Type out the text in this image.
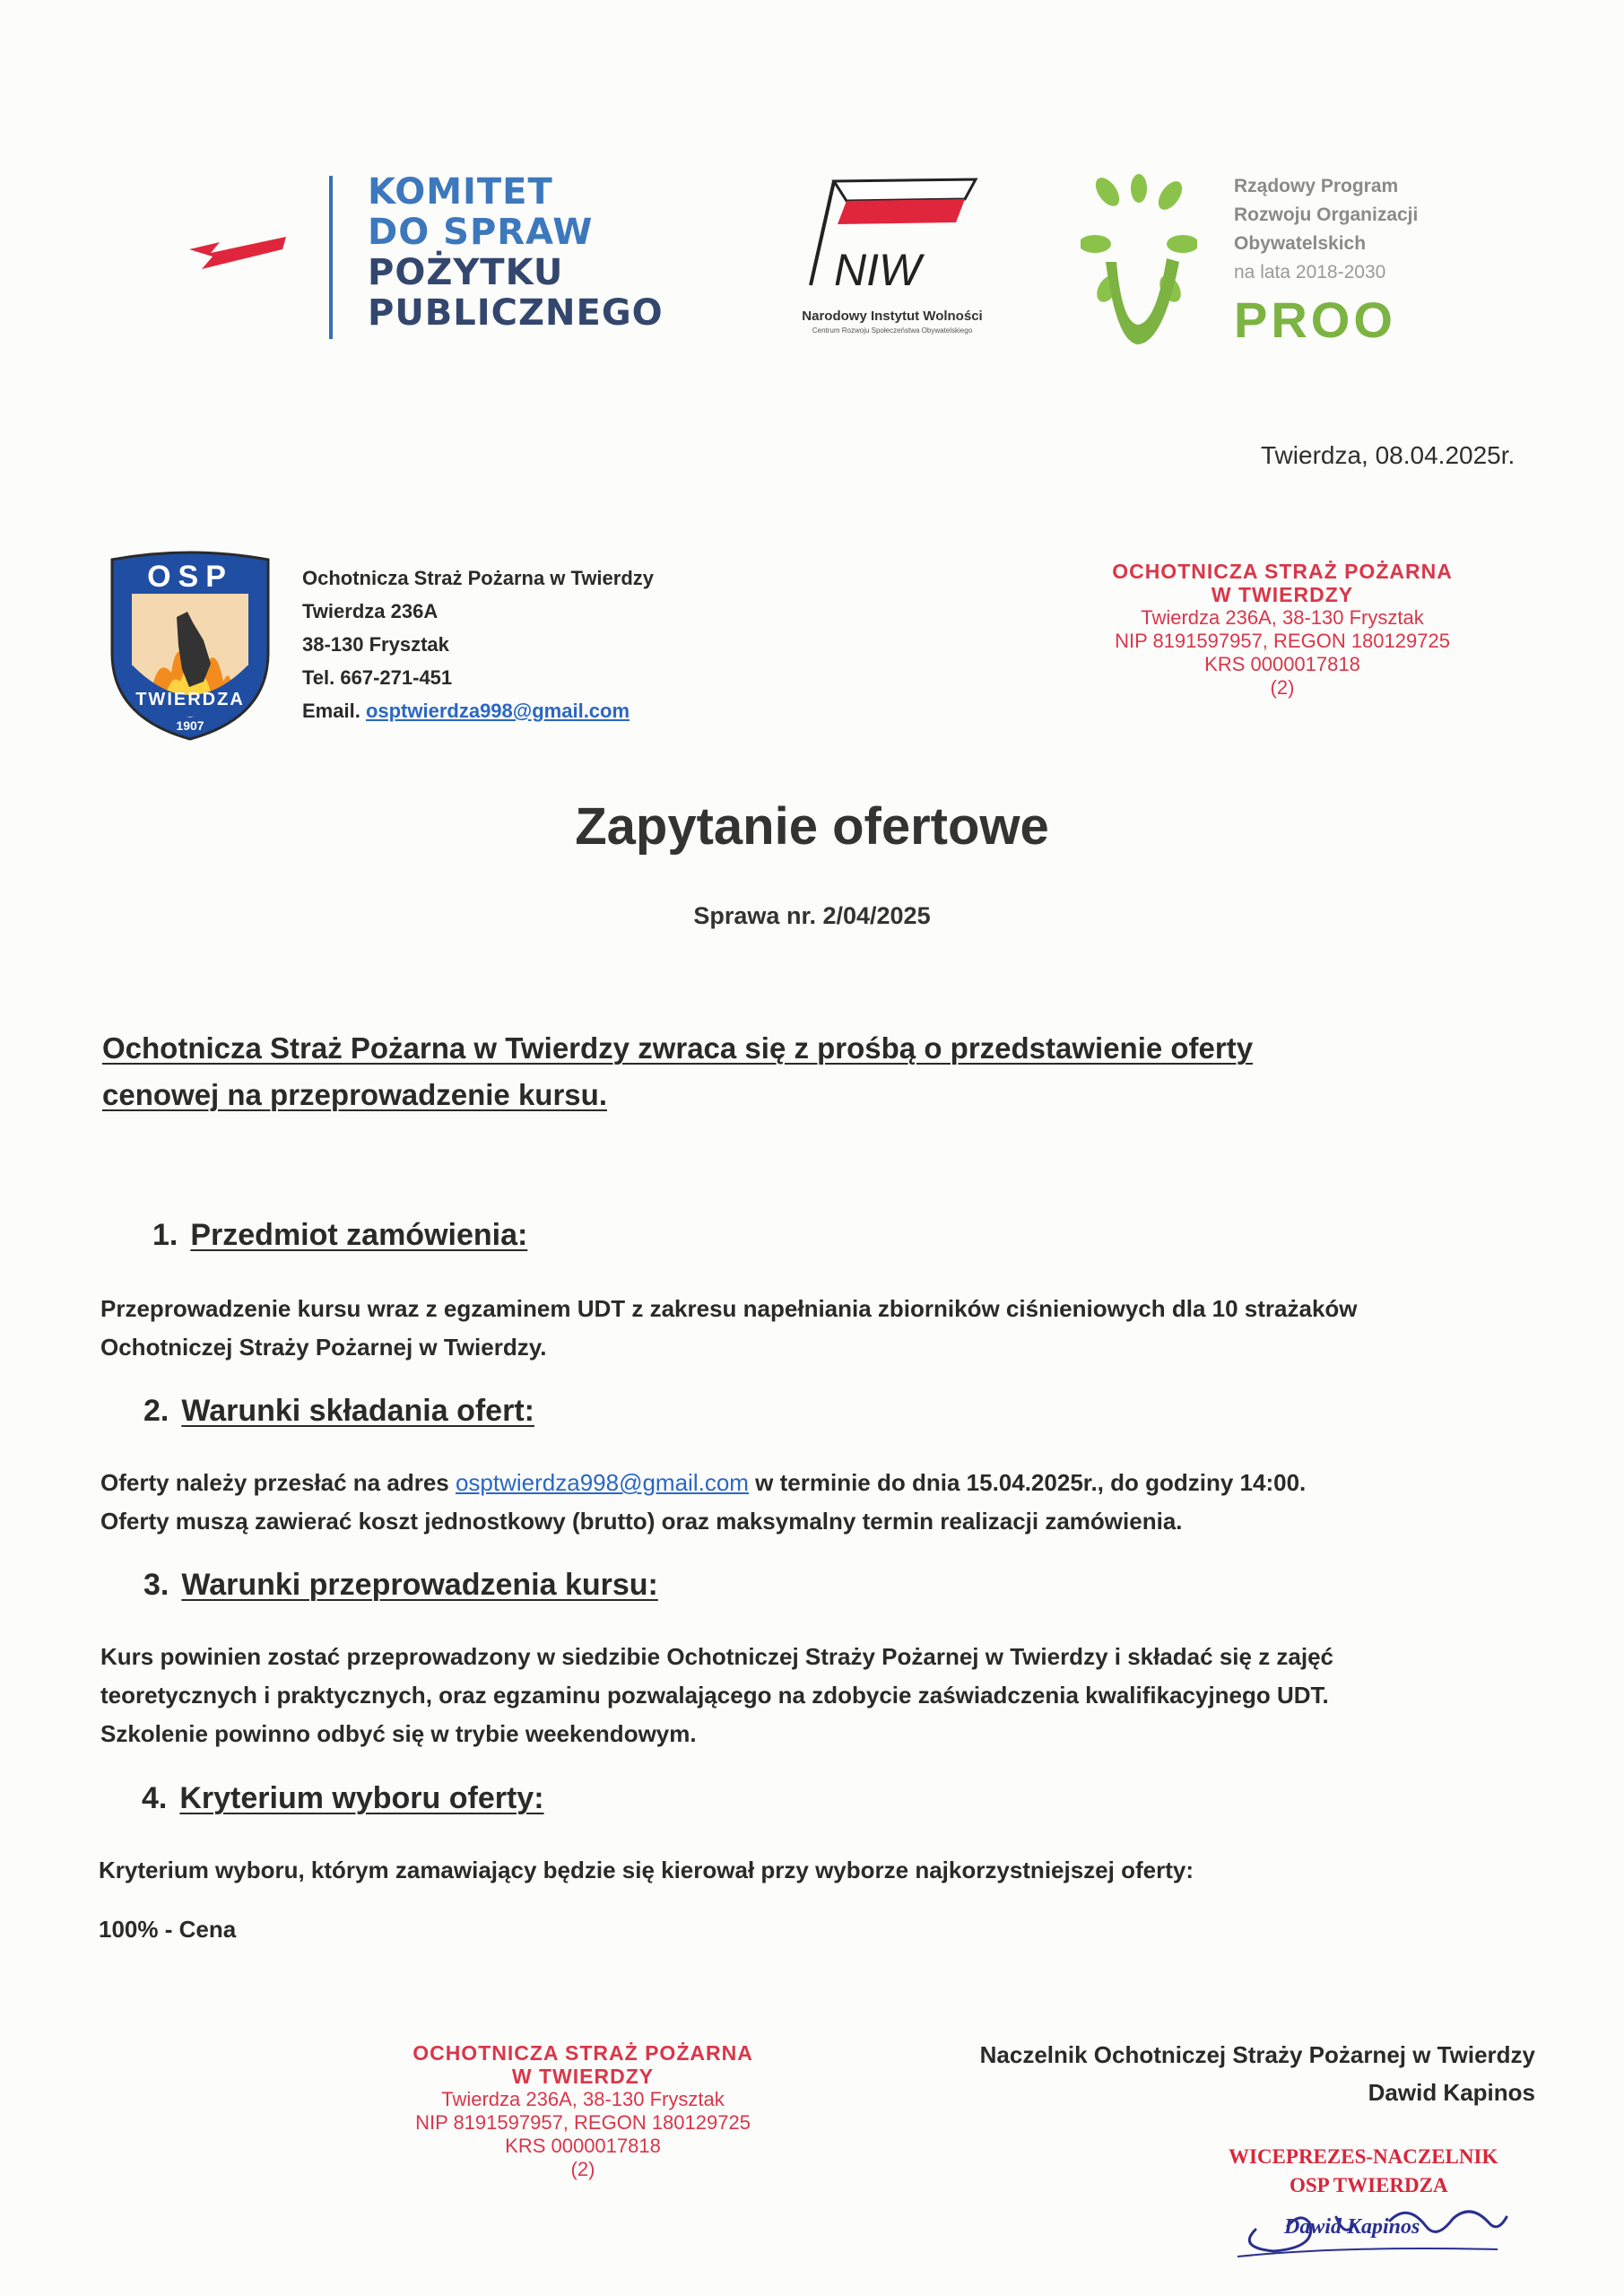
KOMITET
DO SPRAW
POŻYTKU
PUBLICZNEGO
NIW
Narodowy Instytut Wolności
Centrum Rozwoju Społeczeństwa Obywatelskiego
Rządowy Program
Rozwoju Organizacji
Obywatelskich
na lata 2018-2030
PROO
Twierdza, 08.04.2025r.
OSP
TWIERDZA
1907
Ochotnicza Straż Pożarna w Twierdzy
Twierdza 236A
38-130 Frysztak
Tel. 667-271-451
Email. osptwierdza998@gmail.com
OCHOTNICZA STRAŻ POŻARNA
W TWIERDZY
Twierdza 236A, 38-130 Frysztak
NIP 8191597957, REGON 180129725
KRS 0000017818
(2)
Zapytanie ofertowe
Sprawa nr. 2/04/2025
Ochotnicza Straż Pożarna w Twierdzy zwraca się z prośbą o przedstawienie oferty
cenowej na przeprowadzenie kursu.
1. Przedmiot zamówienia:
Przeprowadzenie kursu wraz z egzaminem UDT z zakresu napełniania zbiorników ciśnieniowych dla 10 strażaków
Ochotniczej Straży Pożarnej w Twierdzy.
2. Warunki składania ofert:
Oferty należy przesłać na adres osptwierdza998@gmail.com w terminie do dnia 15.04.2025r., do godziny 14:00.
Oferty muszą zawierać koszt jednostkowy (brutto) oraz maksymalny termin realizacji zamówienia.
3. Warunki przeprowadzenia kursu:
Kurs powinien zostać przeprowadzony w siedzibie Ochotniczej Straży Pożarnej w Twierdzy i składać się z zajęć
teoretycznych i praktycznych, oraz egzaminu pozwalającego na zdobycie zaświadczenia kwalifikacyjnego UDT.
Szkolenie powinno odbyć się w trybie weekendowym.
4. Kryterium wyboru oferty:
Kryterium wyboru, którym zamawiający będzie się kierował przy wyborze najkorzystniejszej oferty:
100% - Cena
OCHOTNICZA STRAŻ POŻARNA
W TWIERDZY
Twierdza 236A, 38-130 Frysztak
NIP 8191597957, REGON 180129725
KRS 0000017818
(2)
Naczelnik Ochotniczej Straży Pożarnej w Twierdzy
Dawid Kapinos
WICEPREZES-NACZELNIK
OSP TWIERDZA
Dawid Kapinos
